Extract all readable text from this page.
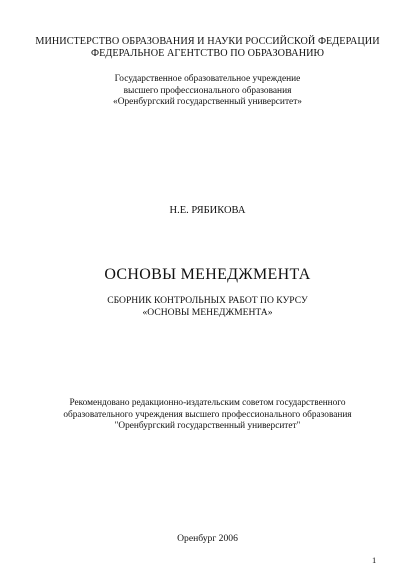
МИНИСТЕРСТВО ОБРАЗОВАНИЯ И НАУКИ РОССИЙСКОЙ ФЕДЕРАЦИИ
ФЕДЕРАЛЬНОЕ АГЕНТСТВО ПО ОБРАЗОВАНИЮ
Государственное образовательное учреждение
высшего профессионального образования
«Оренбургский государственный университет»
Н.Е. РЯБИКОВА
ОСНОВЫ МЕНЕДЖМЕНТА
СБОРНИК КОНТРОЛЬНЫХ РАБОТ ПО КУРСУ
«ОСНОВЫ МЕНЕДЖМЕНТА»
Рекомендовано редакционно-издательским советом государственного
образовательного учреждения высшего профессионального образования
"Оренбургский государственный университет"
Оренбург 2006
1
